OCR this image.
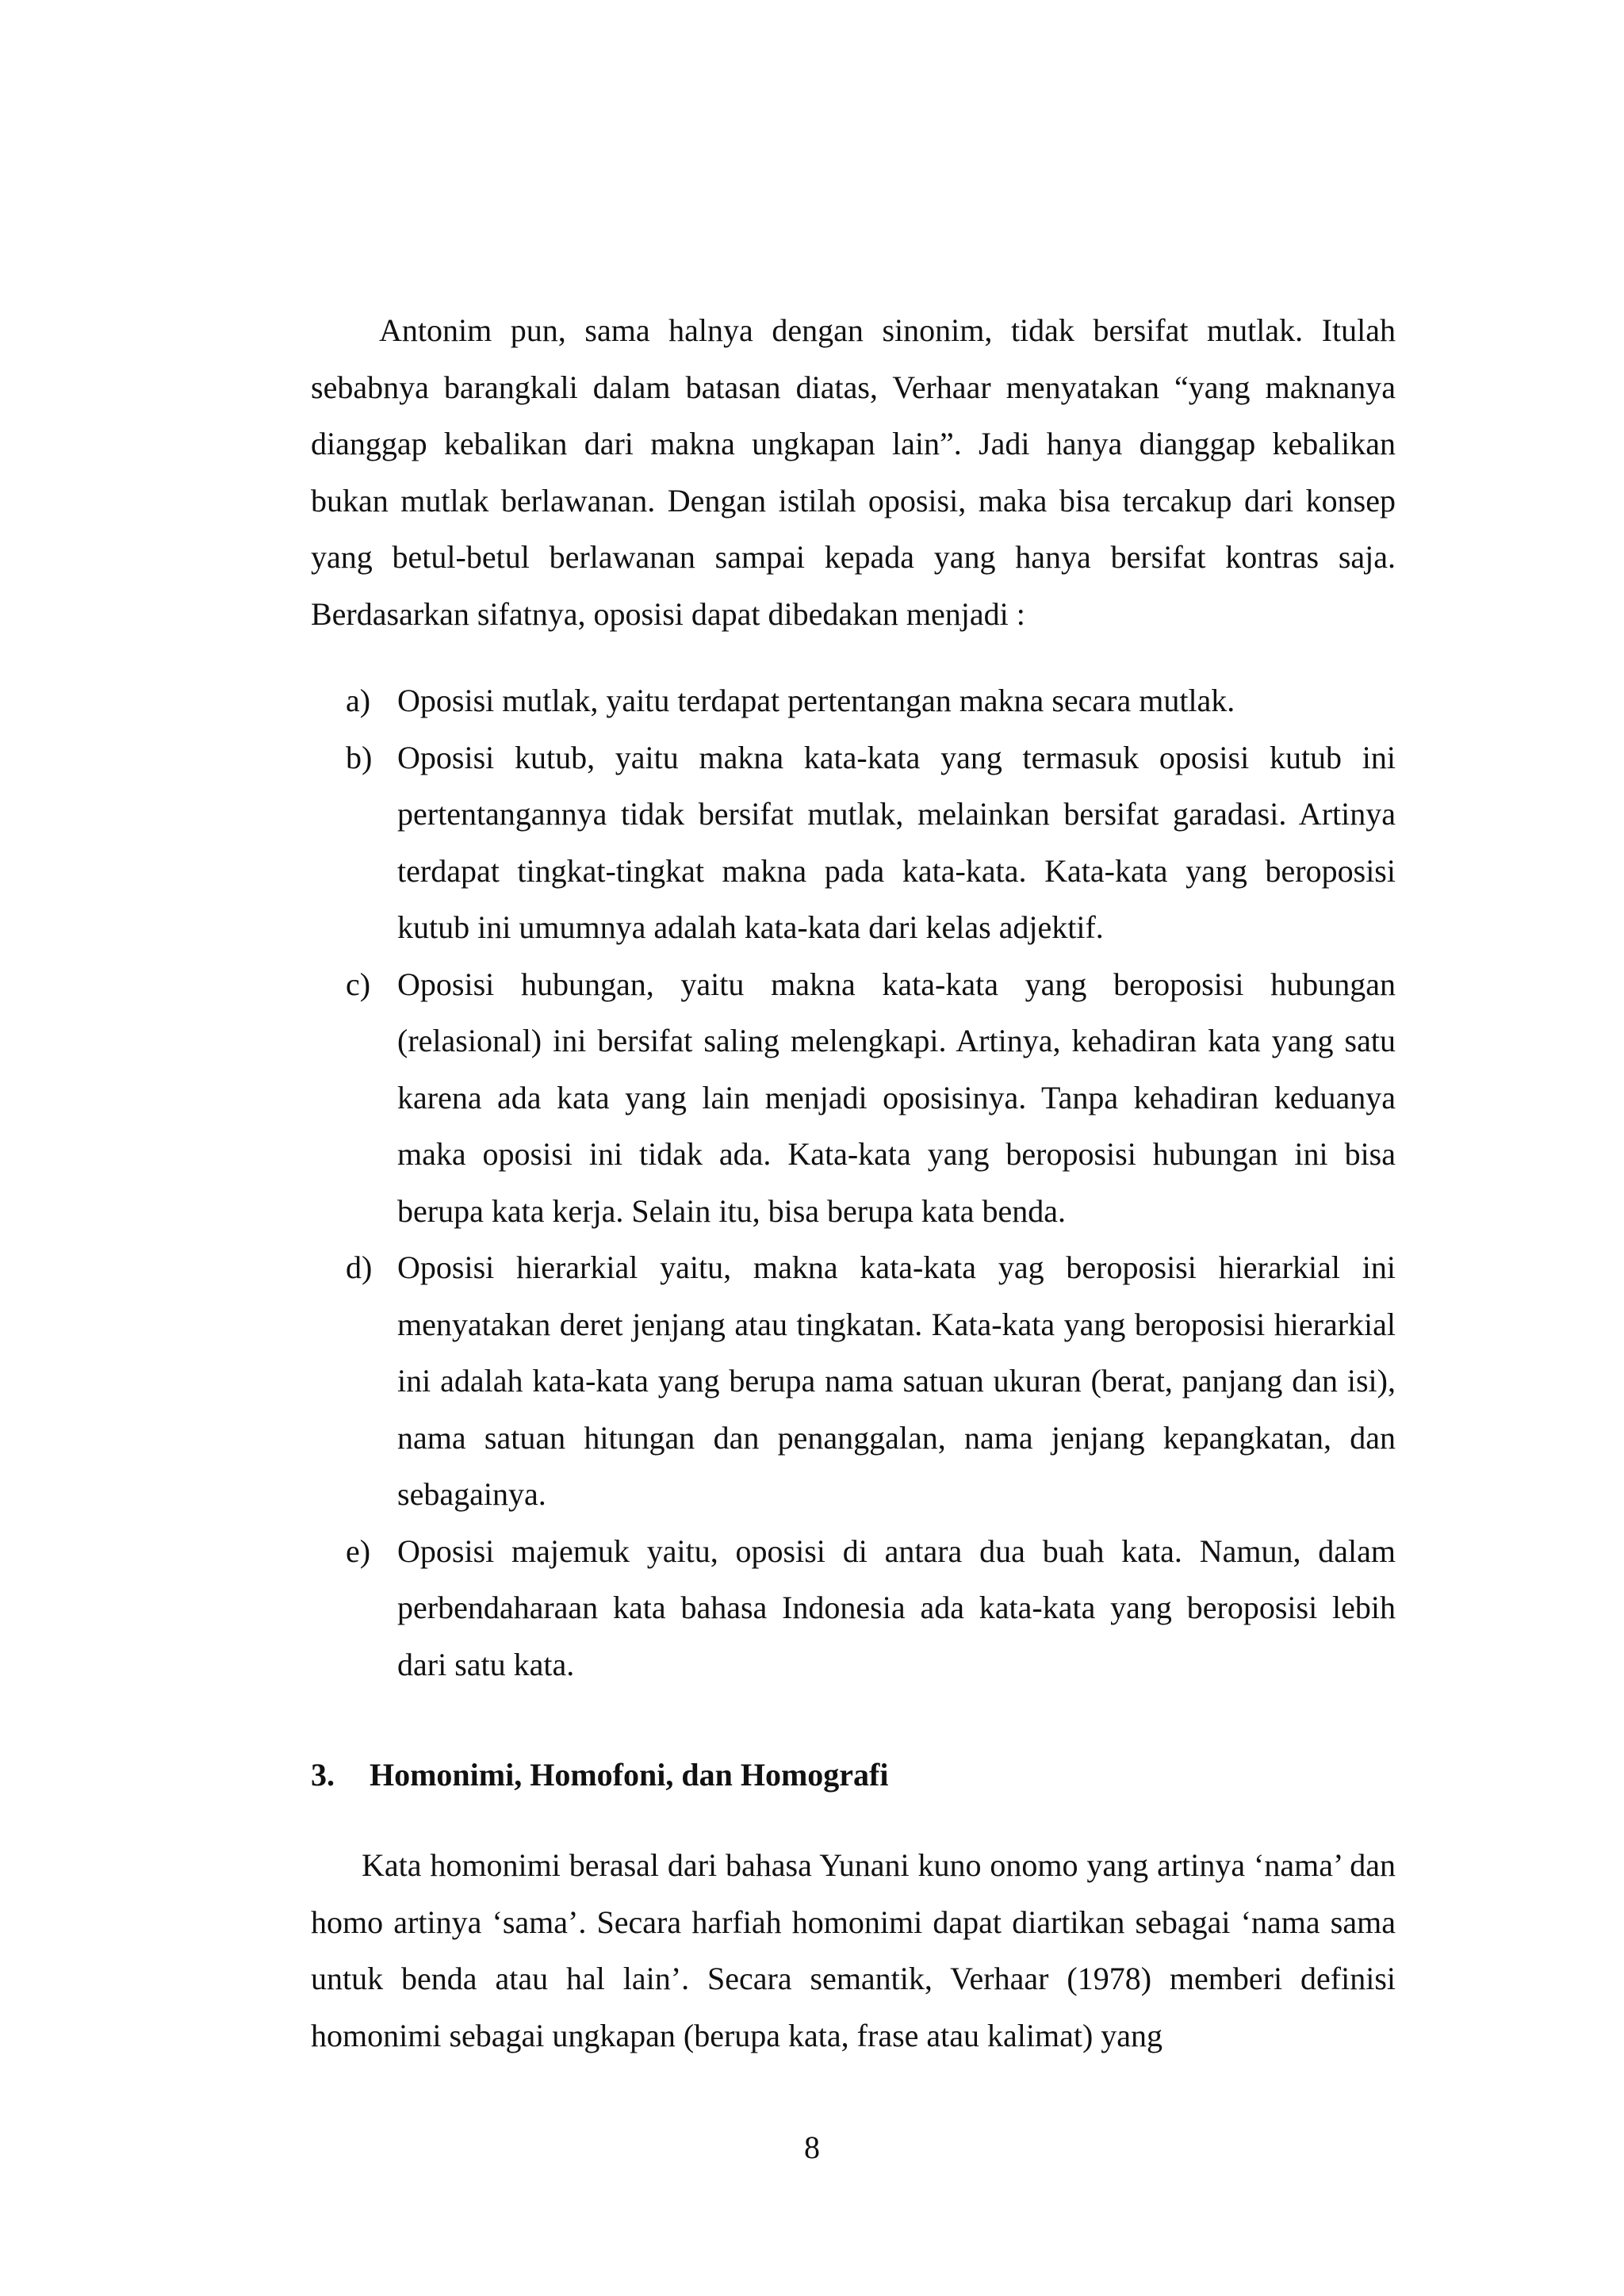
Antonim pun, sama halnya dengan sinonim, tidak bersifat mutlak. Itulah sebabnya barangkali dalam batasan diatas, Verhaar menyatakan “yang maknanya dianggap kebalikan dari makna ungkapan lain”. Jadi hanya dianggap kebalikan bukan mutlak berlawanan. Dengan istilah oposisi, maka bisa tercakup dari konsep yang betul-betul berlawanan sampai kepada yang hanya bersifat kontras saja. Berdasarkan sifatnya, oposisi dapat dibedakan menjadi :

a) Oposisi mutlak, yaitu terdapat pertentangan makna secara mutlak.
b) Oposisi kutub, yaitu makna kata-kata yang termasuk oposisi kutub ini pertentangannya tidak bersifat mutlak, melainkan bersifat garadasi. Artinya terdapat tingkat-tingkat makna pada kata-kata. Kata-kata yang beroposisi kutub ini umumnya adalah kata-kata dari kelas adjektif.
c) Oposisi hubungan, yaitu makna kata-kata yang beroposisi hubungan (relasional) ini bersifat saling melengkapi. Artinya, kehadiran kata yang satu karena ada kata yang lain menjadi oposisinya. Tanpa kehadiran keduanya maka oposisi ini tidak ada. Kata-kata yang beroposisi hubungan ini bisa berupa kata kerja. Selain itu, bisa berupa kata benda.
d) Oposisi hierarkial yaitu, makna kata-kata yag beroposisi hierarkial ini menyatakan deret jenjang atau tingkatan. Kata-kata yang beroposisi hierarkial ini adalah kata-kata yang berupa nama satuan ukuran (berat, panjang dan isi), nama satuan hitungan dan penanggalan, nama jenjang kepangkatan, dan sebagainya.
e) Oposisi majemuk yaitu, oposisi di antara dua buah kata. Namun, dalam perbendaharaan kata bahasa Indonesia ada kata-kata yang beroposisi lebih dari satu kata.
3. Homonimi, Homofoni, dan Homografi

Kata homonimi berasal dari bahasa Yunani kuno onomo yang artinya ‘nama’ dan homo artinya ‘sama’. Secara harfiah homonimi dapat diartikan sebagai ‘nama sama untuk benda atau hal lain’. Secara semantik, Verhaar (1978) memberi definisi homonimi sebagai ungkapan (berupa kata, frase atau kalimat) yang

8
